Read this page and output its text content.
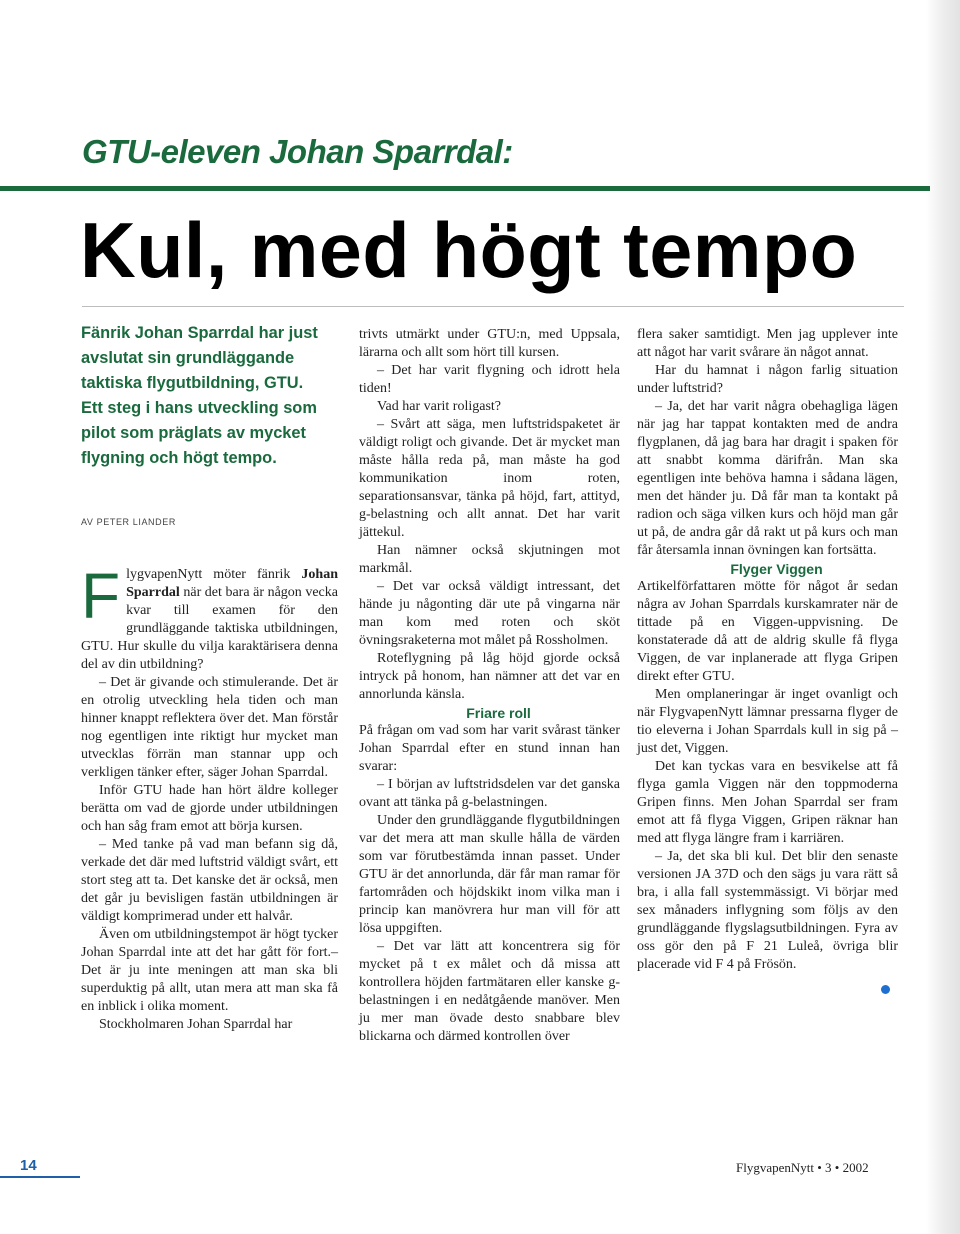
GTU-eleven Johan Sparrdal:
Kul, med högt tempo

Fänrik Johan Sparrdal har just avslutat sin grundläggande taktiska flygutbildning, GTU. Ett steg i hans utveckling som pilot som präglats av mycket flygning och högt tempo.

AV PETER LIANDER

FlygvapenNytt möter fänrik Johan Sparrdal när det bara är någon vecka kvar till examen för den grundläggande taktiska utbildningen, GTU. Hur skulle du vilja karaktärisera denna del av din utbildning?

– Det är givande och stimulerande. Det är en otrolig utveckling hela tiden och man hinner knappt reflektera över det. Man förstår nog egentligen inte riktigt hur mycket man utvecklas förrän man stannar upp och verkligen tänker efter, säger Johan Sparrdal.

Inför GTU hade han hört äldre kolleger berätta om vad de gjorde under utbildningen och han såg fram emot att börja kursen.

– Med tanke på vad man befann sig då, verkade det där med luftstrid väldigt svårt, ett stort steg att ta. Det kanske det är också, men det går ju bevisligen fastän utbildningen är väldigt komprimerad under ett halvår.

Även om utbildningstempot är högt tycker Johan Sparrdal inte att det har gått för fort.– Det är ju inte meningen att man ska bli superduktig på allt, utan mera att man ska få en inblick i olika moment.

Stockholmaren Johan Sparrdal har

trivts utmärkt under GTU:n, med Uppsala, lärarna och allt som hört till kursen.

– Det har varit flygning och idrott hela tiden!

Vad har varit roligast?

– Svårt att säga, men luftstridspaketet är väldigt roligt och givande. Det är mycket man måste hålla reda på, man måste ha god kommunikation inom roten, separationsansvar, tänka på höjd, fart, attityd, g-belastning och allt annat. Det har varit jättekul.

Han nämner också skjutningen mot markmål.

– Det var också väldigt intressant, det hände ju någonting där ute på vingarna när man kom med roten och sköt övningsraketerna mot målet på Rossholmen.

Roteflygning på låg höjd gjorde också intryck på honom, han nämner att det var en annorlunda känsla.

Friare roll

På frågan om vad som har varit svårast tänker Johan Sparrdal efter en stund innan han svarar:

– I början av luftstridsdelen var det ganska ovant att tänka på g-belastningen.

Under den grundläggande flygutbildningen var det mera att man skulle hålla de värden som var förutbestämda innan passet. Under GTU är det annorlunda, där får man ramar för fartområden och höjdskikt inom vilka man i princip kan manövrera hur man vill för att lösa uppgiften.

– Det var lätt att koncentrera sig för mycket på t ex målet och då missa att kontrollera höjden fartmätaren eller kanske g-belastningen i en nedåtgående manöver. Men ju mer man övade desto snabbare blev blickarna och därmed kontrollen över

flera saker samtidigt. Men jag upplever inte att något har varit svårare än något annat.

Har du hamnat i någon farlig situation under luftstrid?

– Ja, det har varit några obehagliga lägen när jag har tappat kontakten med de andra flygplanen, då jag bara har dragit i spaken för att snabbt komma därifrån. Man ska egentligen inte behöva hamna i sådana lägen, men det händer ju. Då får man ta kontakt på radion och säga vilken kurs och höjd man går ut på, de andra går då rakt ut på kurs och man får återsamla innan övningen kan fortsätta.

Flyger Viggen

Artikelförfattaren mötte för något år sedan några av Johan Sparrdals kurskamrater när de tittade på en Viggen-uppvisning. De konstaterade då att de aldrig skulle få flyga Viggen, de var inplanerade att flyga Gripen direkt efter GTU.

Men omplaneringar är inget ovanligt och när FlygvapenNytt lämnar pressarna flyger de tio eleverna i Johan Sparrdals kull in sig på – just det, Viggen.

Det kan tyckas vara en besvikelse att få flyga gamla Viggen när den toppmoderna Gripen finns. Men Johan Sparrdal ser fram emot att få flyga Viggen, Gripen räknar han med att flyga längre fram i karriären.

– Ja, det ska bli kul. Det blir den senaste versionen JA 37D och den sägs ju vara rätt så bra, i alla fall systemmässigt. Vi börjar med sex månaders inflygning som följs av den grundläggande flygslagsutbildningen. Fyra av oss gör den på F 21 Luleå, övriga blir placerade vid F 4 på Frösön.

14	FlygvapenNytt • 3 • 2002
